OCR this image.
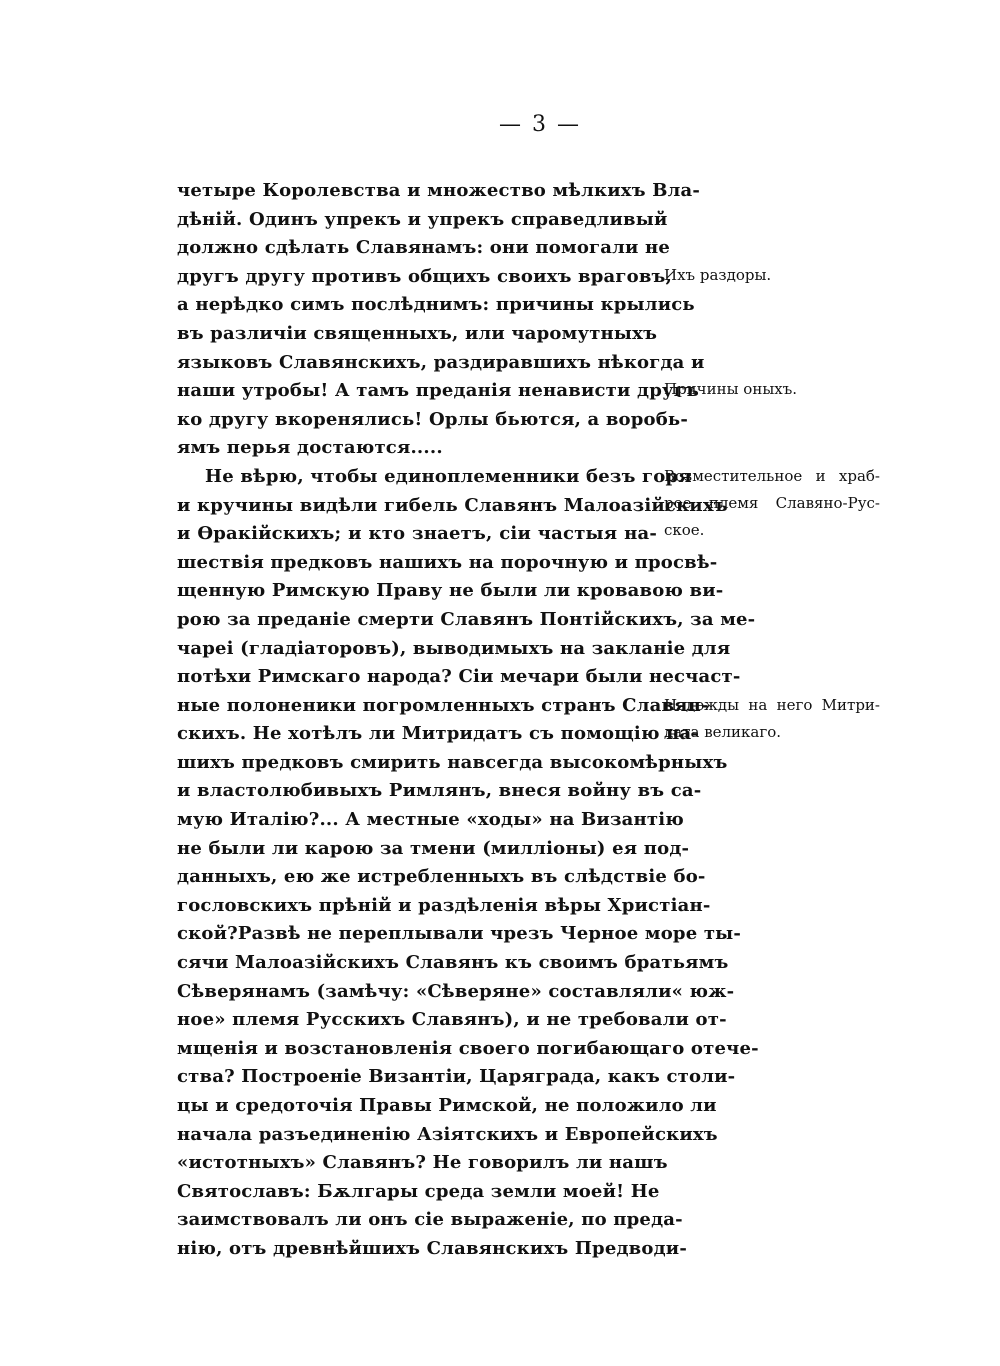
— 3 —
четыре Королевства и множество мѣлкихъ Вла-
дѣній. Одинъ упрекъ и упрекъ справедливый
должно сдѣлать Славянамъ: они помогали не
другъ другу противъ общихъ своихъ враговъ,
а нерѣдко симъ послѣднимъ: причины крылись
въ различіи священныхъ, или чаромутныхъ
языковъ Славянскихъ, раздиравшихъ нѣкогда и
наши утробы! А тамъ преданія ненависти другъ
ко другу вкоренялись! Орлы бьются, а воробь-
ямъ перья достаются.....
Не вѣрю, чтобы единоплеменники безъ горя
и кручины видѣли гибель Славянъ Малоазійскихъ
и Ѳракійскихъ; и кто знаетъ, сіи частыя на-
шествія предковъ нашихъ на порочную и просвѣ-
щенную Римскую Праву не были ли кровавою ви-
рою за преданіе смерти Славянъ Понтійскихъ, за ме-
чареі (гладіаторовъ), выводимыхъ на закланіе для
потѣхи Римскаго народа? Сіи мечари были несчаст-
ные полоненики погромленныхъ странъ Славян-
скихъ. Не хотѣлъ ли Митридатъ съ помощію на-
шихъ предковъ смирить навсегда высокомѣрныхъ
и властолюбивыхъ Римлянъ, внеся войну въ са-
мую Италію?... А местные «ходы» на Византію
не были ли карою за тмени (милліоны) ея под-
данныхъ, ею же истребленныхъ въ слѣдствіе бо-
гословскихъ прѣній и раздѣленія вѣры Христіан-
ской?Развѣ не переплывали чрезъ Черное море ты-
сячи Малоазійскихъ Славянъ къ своимъ братьямъ
Сѣверянамъ (замѣчу: «Сѣверяне» составляли« юж-
ное» племя Русскихъ Славянъ), и не требовали от-
мщенія и возстановленія своего погибающаго отече-
ства? Построеніе Византіи, Царяграда, какъ столи-
цы и средоточія Правы Римской, не положило ли
начала разъединенію Азіятскихъ и Европейскихъ
«истотныхъ» Славянъ? Не говорилъ ли нашъ
Святославъ: Бѫлгары среда земли моей! Не
заимствовалъ ли онъ сіе выраженіе, по преда-
нію, отъ древнѣйшихъ Славянскихъ Предводи-
Ихъ раздоры.
Причины оныхъ.
Возместительное и храб-
рое племя Славяно-Рус-
ское.
Надежды на него Митри-
дата великаго.
